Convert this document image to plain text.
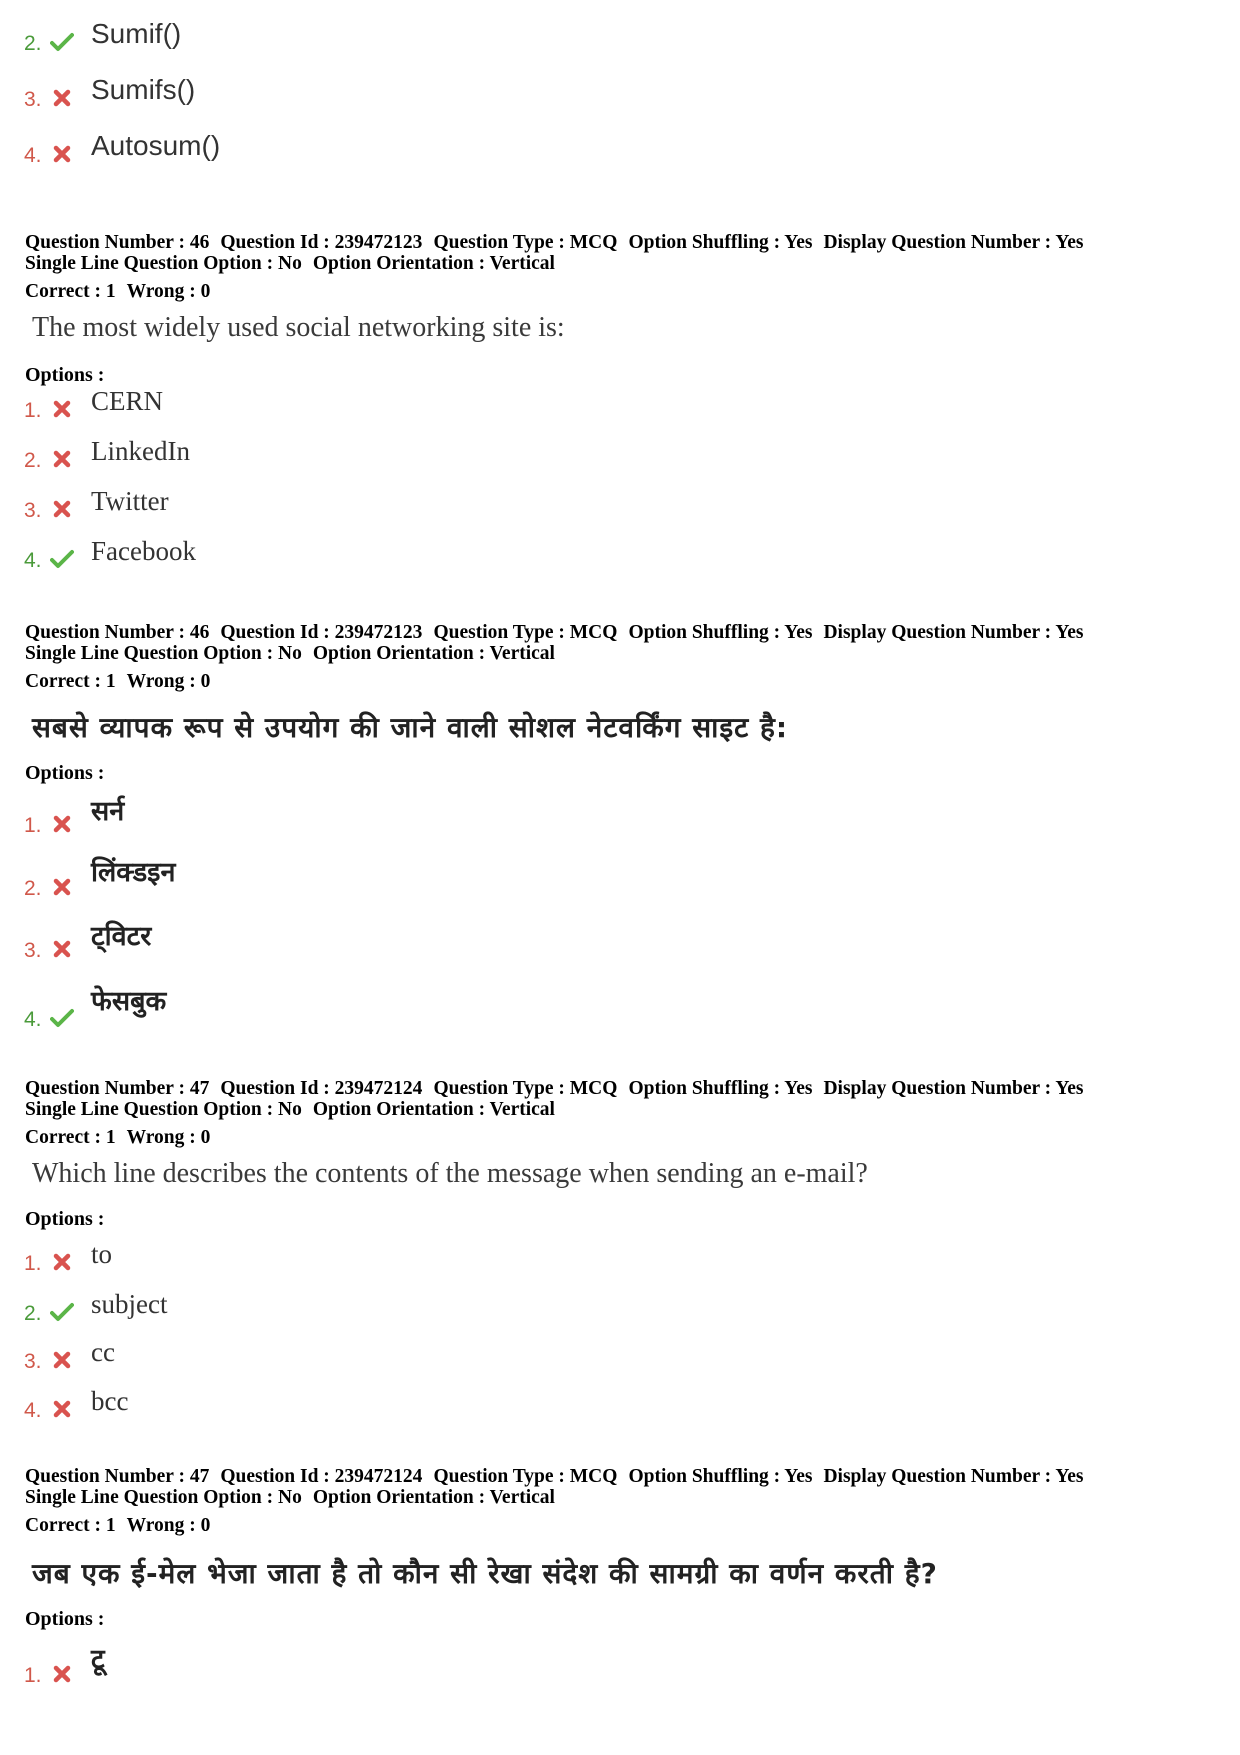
2. Sumif()
3. Sumifs()
4. Autosum()
Question Number : 46 Question Id : 239472123 Question Type : MCQ Option Shuffling : Yes Display Question Number : Yes
Single Line Question Option : No Option Orientation : Vertical
Correct : 1 Wrong : 0
The most widely used social networking site is:
Options :
1. CERN
2. LinkedIn
3. Twitter
4. Facebook
Question Number : 46 Question Id : 239472123 Question Type : MCQ Option Shuffling : Yes Display Question Number : Yes
Single Line Question Option : No Option Orientation : Vertical
Correct : 1 Wrong : 0
सबसे व्यापक रूप से उपयोग की जाने वाली सोशल नेटवर्किंग साइट है:
Options :
1. सर्न
2.
लिंक्डइन
3. ट्विटर
4.
फेसबुक
Question Number : 47 Question Id : 239472124 Question Type : MCQ Option Shuffling : Yes Display Question Number : Yes
Single Line Question Option : No Option Orientation : Vertical
Correct : 1 Wrong : 0
Which line describes the contents of the message when sending an e-mail?
Options :
1. to
2. subject
3. cc
4. bcc
Question Number : 47 Question Id : 239472124 Question Type : MCQ Option Shuffling : Yes Display Question Number : Yes
Single Line Question Option : No Option Orientation : Vertical
Correct : 1 Wrong : 0
जब एक ई-मेल भेजा जाता है तो कौन सी रेखा संदेश की सामग्री का वर्णन करती है?
Options :
1.
टू
